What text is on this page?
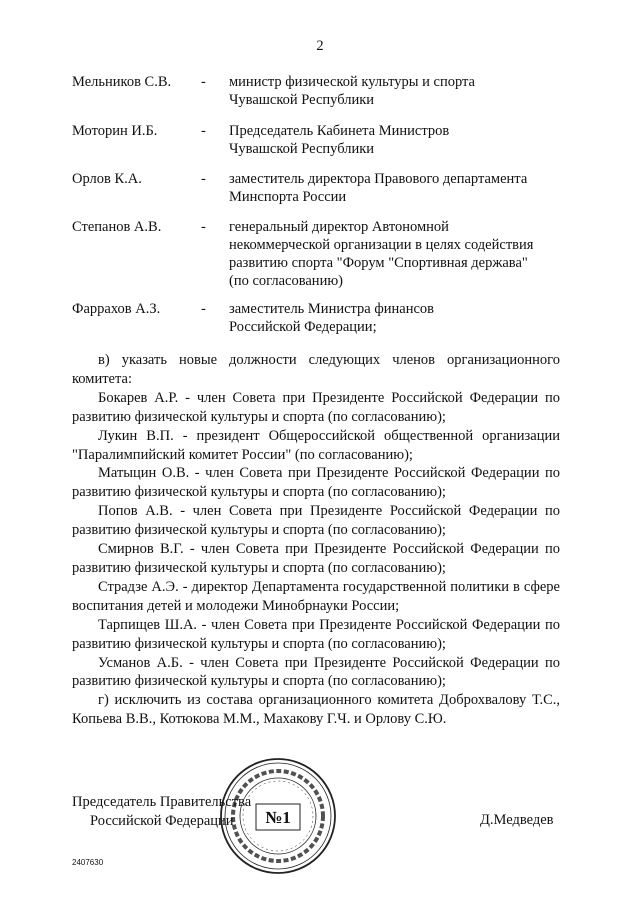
2
Мельников С.В. - министр физической культуры и спорта
Чувашской Республики
Моторин И.Б.	- Председатель Кабинета Министров
Чувашской Республики
Орлов К.А.	- заместитель директора Правового департамента
Минспорта России
Степанов А.В.	- генеральный директор Автономной
некоммерческой организации в целях содействия
развитию спорта "Форум "Спортивная держава"
(по согласованию)
Фаррахов А.З.	- заместитель Министра финансов
Российской Федерации;

в) указать новые должности следующих членов организационного комитета:

Бокарев А.Р. - член Совета при Президенте Российской Федерации по развитию физической культуры и спорта (по согласованию);

Лукин В.П. - президент Общероссийской общественной организации "Паралимпийский комитет России" (по согласованию);

Матыцин О.В. - член Совета при Президенте Российской Федерации по развитию физической культуры и спорта (по согласованию);

Попов А.В. - член Совета при Президенте Российской Федерации по развитию физической культуры и спорта (по согласованию);

Смирнов В.Г. - член Совета при Президенте Российской Федерации по развитию физической культуры и спорта (по согласованию);

Страдзе А.Э. - директор Департамента государственной политики в сфере воспитания детей и молодежи Минобрнауки России;

Тарпищев Ш.А. - член Совета при Президенте Российской Федерации по развитию физической культуры и спорта (по согласованию);

Усманов А.Б. - член Совета при Президенте Российской Федерации по развитию физической культуры и спорта (по согласованию);

г) исключить из состава организационного комитета Доброхвалову Т.С., Копьева В.В., Котюкова М.М., Махакову Г.Ч. и Орлову С.Ю.

№1
Председатель Правительства
Российской Федерации	Д.Медведев
2407630
